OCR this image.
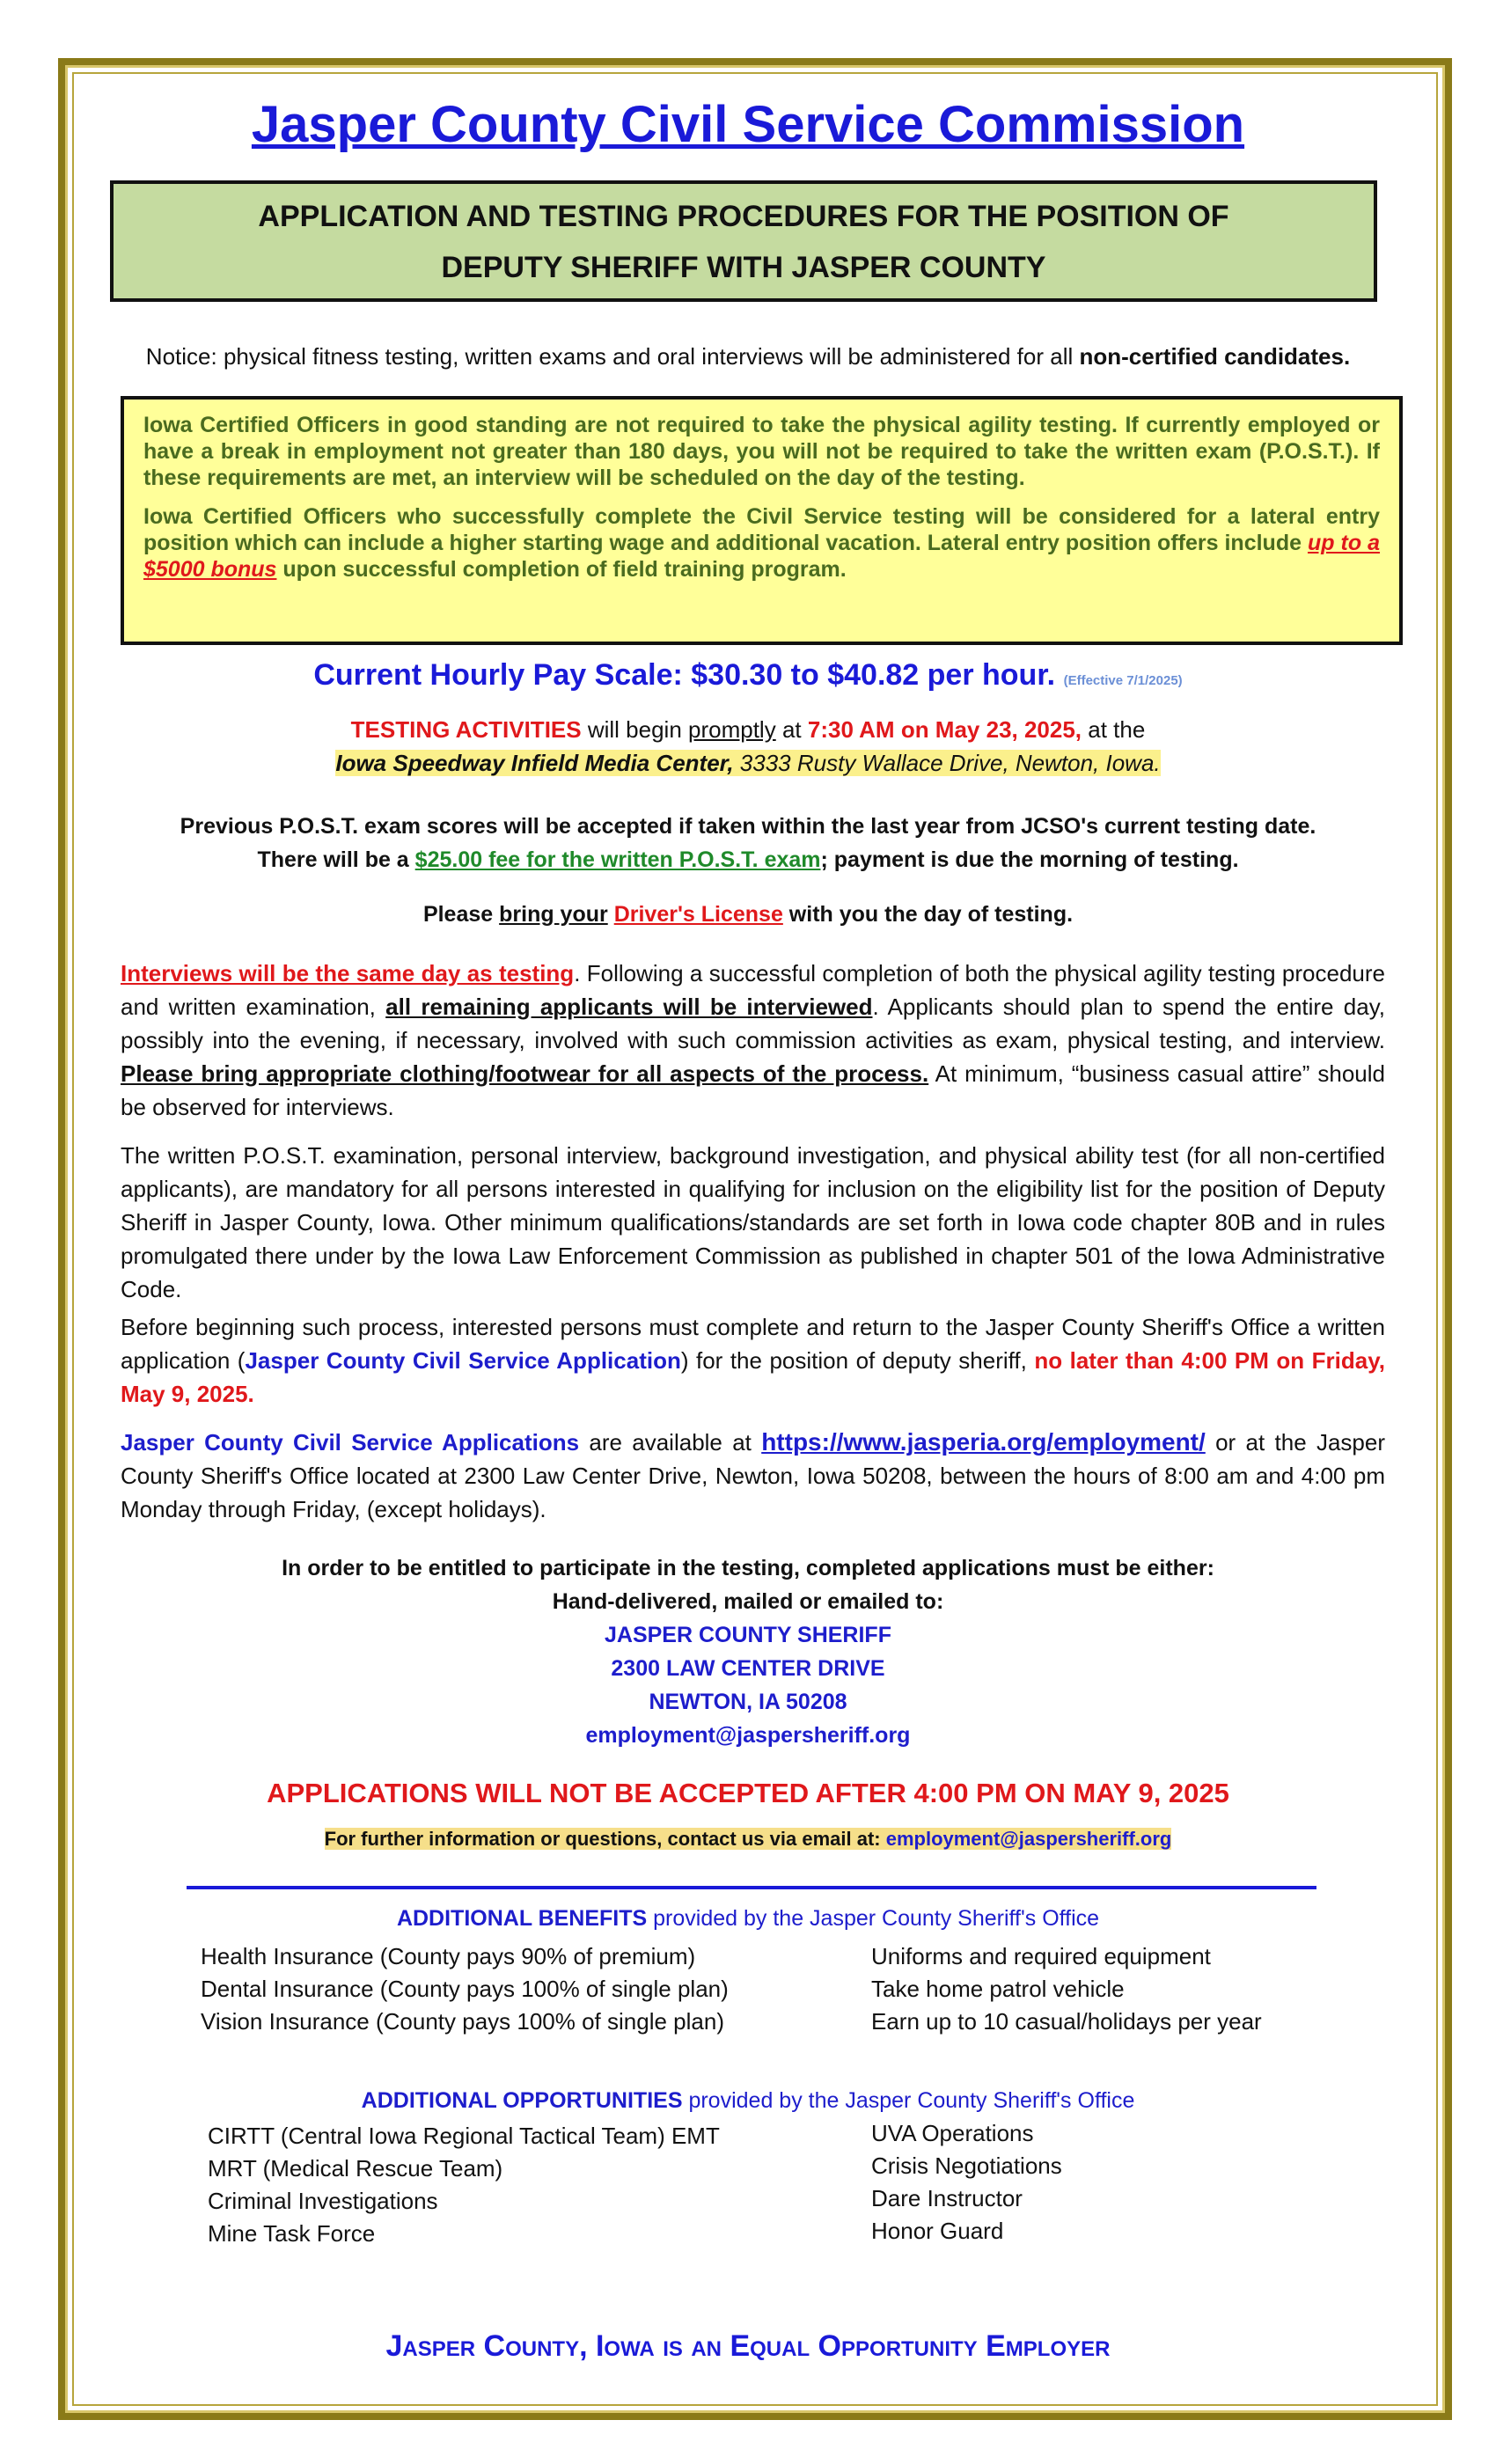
Jasper County Civil Service Commission
APPLICATION AND TESTING PROCEDURES FOR THE POSITION OF
DEPUTY SHERIFF WITH JASPER COUNTY
Notice: physical fitness testing, written exams and oral interviews will be administered for all non-certified candidates.

Iowa Certified Officers in good standing are not required to take the physical agility testing. If currently employed or have a break in employment not greater than 180 days, you will not be required to take the written exam (P.O.S.T.). If these requirements are met, an interview will be scheduled on the day of the testing.

Iowa Certified Officers who successfully complete the Civil Service testing will be considered for a lateral entry position which can include a higher starting wage and additional vacation. Lateral entry position offers include up to a $5000 bonus upon successful completion of field training program.

Current Hourly Pay Scale: $30.30 to $40.82 per hour. (Effective 7/1/2025)
TESTING ACTIVITIES will begin promptly at 7:30 AM on May 23, 2025, at the
Iowa Speedway Infield Media Center, 3333 Rusty Wallace Drive, Newton, Iowa.
Previous P.O.S.T. exam scores will be accepted if taken within the last year from JCSO's current testing date.
There will be a $25.00 fee for the written P.O.S.T. exam; payment is due the morning of testing.
Please bring your Driver's License with you the day of testing.
Interviews will be the same day as testing. Following a successful completion of both the physical agility testing procedure and written examination, all remaining applicants will be interviewed. Applicants should plan to spend the entire day, possibly into the evening, if necessary, involved with such commission activities as exam, physical testing, and interview. Please bring appropriate clothing/footwear for all aspects of the process. At minimum, “business casual attire” should be observed for interviews.
The written P.O.S.T. examination, personal interview, background investigation, and physical ability test (for all non-certified applicants), are mandatory for all persons interested in qualifying for inclusion on the eligibility list for the position of Deputy Sheriff in Jasper County, Iowa. Other minimum qualifications/standards are set forth in Iowa code chapter 80B and in rules promulgated there under by the Iowa Law Enforcement Commission as published in chapter 501 of the Iowa Administrative Code.
Before beginning such process, interested persons must complete and return to the Jasper County Sheriff's Office a written application (Jasper County Civil Service Application) for the position of deputy sheriff, no later than 4:00 PM on Friday, May 9, 2025.
Jasper County Civil Service Applications are available at https://www.jasperia.org/employment/ or at the Jasper County Sheriff's Office located at 2300 Law Center Drive, Newton, Iowa 50208, between the hours of 8:00 am and 4:00 pm Monday through Friday, (except holidays).
In order to be entitled to participate in the testing, completed applications must be either:
Hand-delivered, mailed or emailed to:
JASPER COUNTY SHERIFF
2300 LAW CENTER DRIVE
NEWTON, IA 50208
employment@jaspersheriff.org
APPLICATIONS WILL NOT BE ACCEPTED AFTER 4:00 PM ON MAY 9, 2025
For further information or questions, contact us via email at: employment@jaspersheriff.org
ADDITIONAL BENEFITS provided by the Jasper County Sheriff's Office
Health Insurance (County pays 90% of premium)
Dental Insurance (County pays 100% of single plan)
Vision Insurance (County pays 100% of single plan)
Uniforms and required equipment
Take home patrol vehicle
Earn up to 10 casual/holidays per year
ADDITIONAL OPPORTUNITIES provided by the Jasper County Sheriff's Office
CIRTT (Central Iowa Regional Tactical Team) EMT
MRT (Medical Rescue Team)
Criminal Investigations
Mine Task Force
UVA Operations
Crisis Negotiations
Dare Instructor
Honor Guard
Jasper County, Iowa is an Equal Opportunity Employer
